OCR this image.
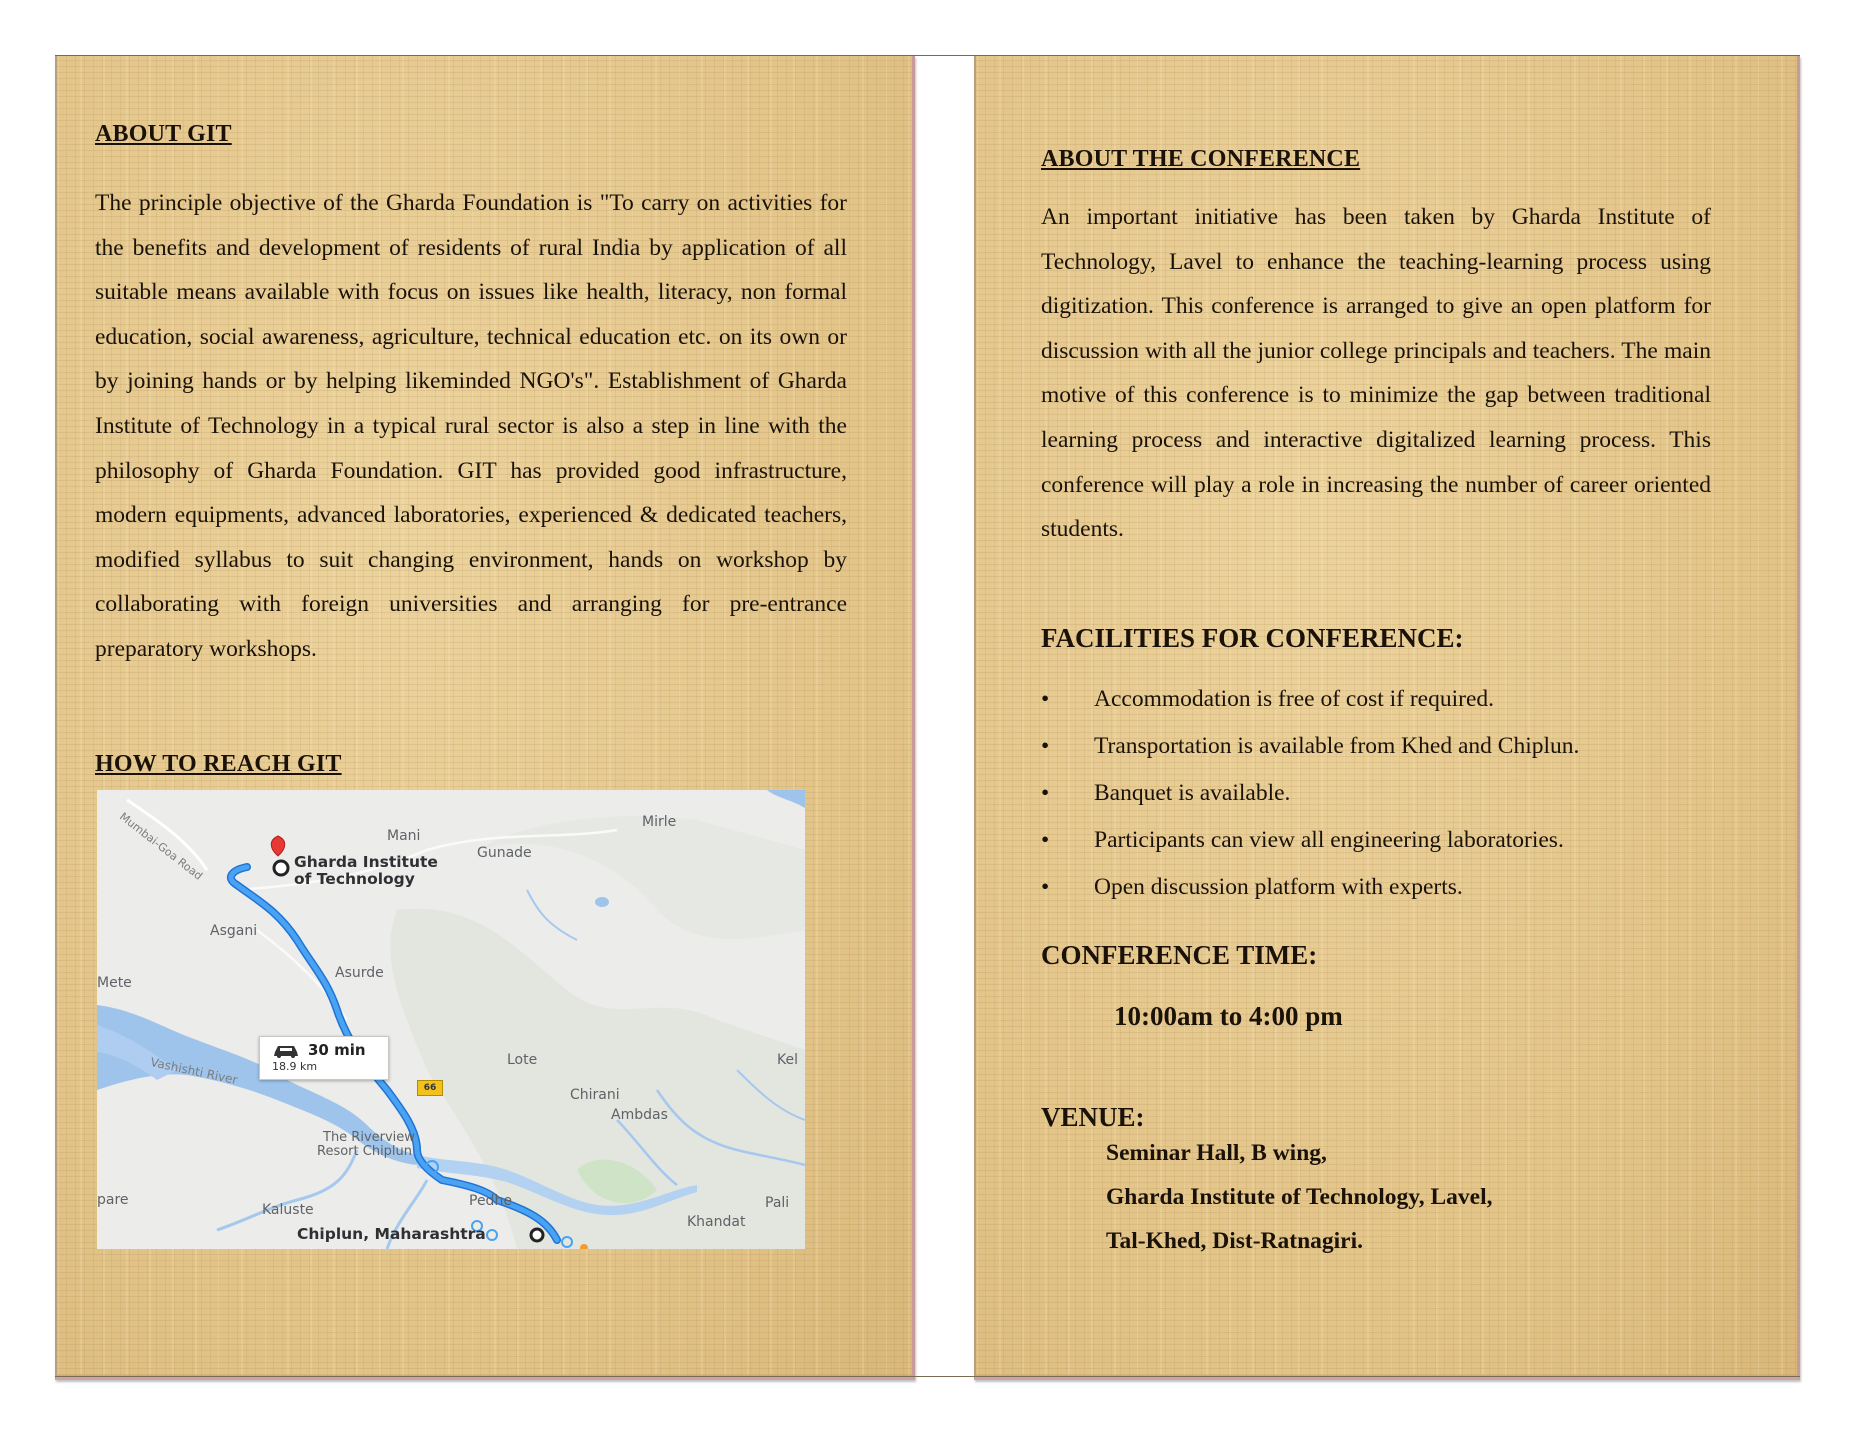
ABOUT GIT
The principle objective of the Gharda Foundation is "To carry on activities for the benefits and development of residents of rural India by application of all suitable means available with focus on issues like health, literacy, non formal education, social awareness, agriculture, technical education etc. on its own or by joining hands or by helping likeminded NGO's". Establishment of Gharda Institute of Technology in a typical rural sector is also a step in line with the philosophy of Gharda Foundation. GIT has provided good infrastructure, modern equipments, advanced laboratories, experienced & dedicated teachers, modified syllabus to suit changing environment, hands on workshop by collaborating with foreign universities and arranging for pre-entrance preparatory workshops.
HOW TO REACH GIT
Mumbai-Goa Road	Mani
Gunade
Mirle
Gharda Institute
of Technology
Asgani
Asurde
Mete
Lote	Kel
Vashishti River
Chirani
Ambdas
The Riverview
Resort Chiplun
pare
Kaluste
Pedhe	Pali
Khandat
Chiplun, Maharashtra
66
30 min
18.9 km
ABOUT THE CONFERENCE
An important initiative has been taken by Gharda Institute of Technology, Lavel to enhance the teaching-learning process using digitization. This conference is arranged to give an open platform for discussion with all the junior college principals and teachers. The main motive of this conference is to minimize the gap between traditional learning process and interactive digitalized learning process. This conference will play a role in increasing the number of career oriented students.
FACILITIES FOR CONFERENCE:
• Accommodation is free of cost if required.
• Transportation is available from Khed and Chiplun.
• Banquet is available.
• Participants can view all engineering laboratories.
• Open discussion platform with experts.
CONFERENCE TIME:
10:00am to 4:00 pm
VENUE:
Seminar Hall, B wing,
Gharda Institute of Technology, Lavel,
Tal-Khed, Dist-Ratnagiri.
